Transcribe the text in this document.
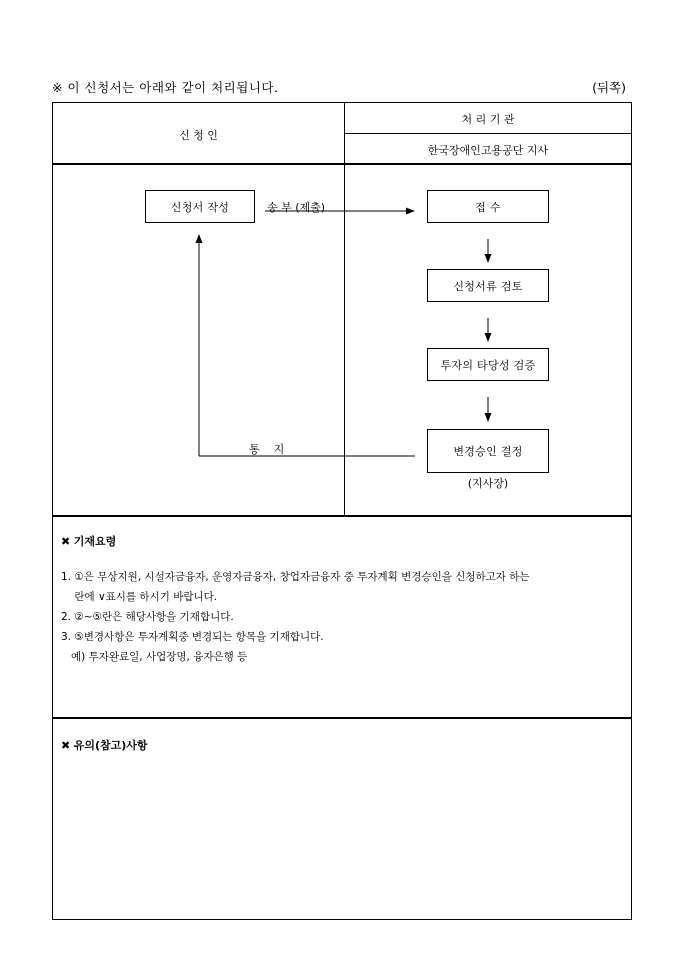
※ 이 신청서는 아래와 같이 처리됩니다.	(뒤쪽)
신 청 인
처 리 기 관
한국장애인고용공단 지사
신청서 작성	접 수
신청서류 검토
투자의 타당성 검증
변경승인 결정
(지사장)
송 부 (제출)
통    지
✖ 기재요령
1. ①은 무상지원, 시설자금융자, 운영자금융자, 창업자금융자 중 투자계획 변경승인을 신청하고자 하는
란에 ∨표시를 하시기 바랍니다.
2. ②~⑤란은 해당사항을 기재합니다.
3. ⑤변경사항은 투자계획중 변경되는 항목을 기재합니다.
예) 투자완료일, 사업장명, 융자은행 등
✖ 유의(참고)사항
